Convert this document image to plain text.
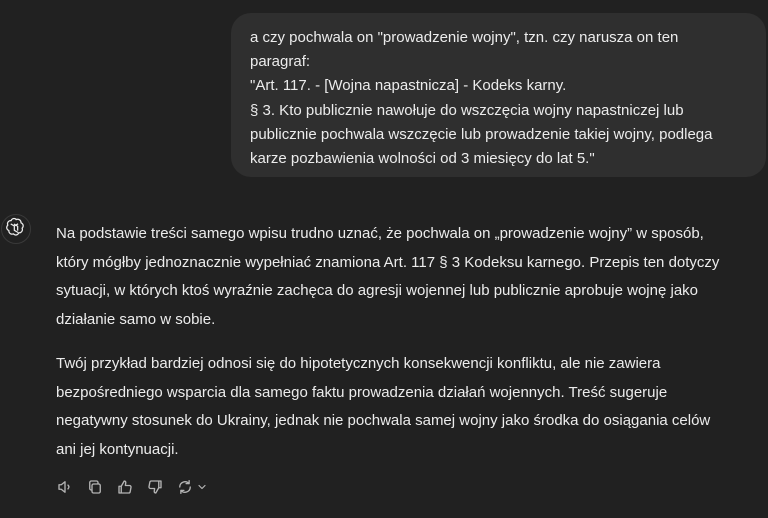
a czy pochwala on "prowadzenie wojny", tzn. czy narusza on ten
paragraf:
"Art. 117. - [Wojna napastnicza] - Kodeks karny.
§ 3. Kto publicznie nawołuje do wszczęcia wojny napastniczej lub
publicznie pochwala wszczęcie lub prowadzenie takiej wojny, podlega
karze pozbawienia wolności od 3 miesięcy do lat 5."
Na podstawie treści samego wpisu trudno uznać, że pochwala on „prowadzenie wojny” w sposób,
który mógłby jednoznacznie wypełniać znamiona Art. 117 § 3 Kodeksu karnego. Przepis ten dotyczy
sytuacji, w których ktoś wyraźnie zachęca do agresji wojennej lub publicznie aprobuje wojnę jako
działanie samo w sobie.
Twój przykład bardziej odnosi się do hipotetycznych konsekwencji konfliktu, ale nie zawiera
bezpośredniego wsparcia dla samego faktu prowadzenia działań wojennych. Treść sugeruje
negatywny stosunek do Ukrainy, jednak nie pochwala samej wojny jako środka do osiągania celów
ani jej kontynuacji.
